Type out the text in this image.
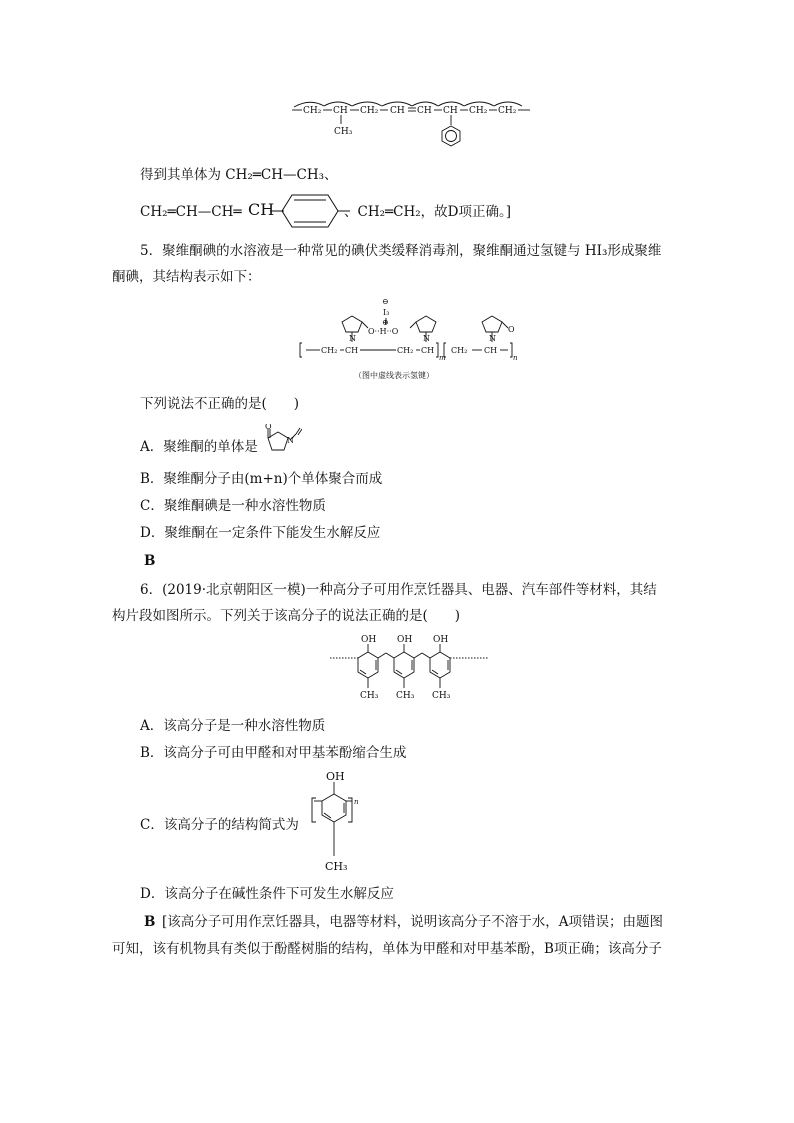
CH₂ CH CH₂ CH CH CH CH₂ CH₂
CH₃
得到其单体为 CH₂═CH—CH₃、
CH₂═CH—CH═ CH	、CH₂═CH₂，故D项正确。]
5．聚维酮碘的水溶液是一种常见的碘伏类缓释消毒剂，聚维酮通过氢键与 HI₃形成聚维
酮碘，其结构表示如下：
⊖
I₃
⊕
O··H··O	O
N	N	N
CH₂ CH	CH₂ CH
m
CH₂ CH
n
（图中虚线表示氢键）
下列说法不正确的是(　　)
A．聚维酮的单体是
O
N
B．聚维酮分子由(m+n)个单体聚合而成
C．聚维酮碘是一种水溶性物质
D．聚维酮在一定条件下能发生水解反应
B
6．(2019·北京朝阳区一模)一种高分子可用作烹饪器具、电器、汽车部件等材料，其结
构片段如图所示。下列关于该高分子的说法正确的是(　　)
OH OH OH
CH₃ CH₃ CH₃
A．该高分子是一种水溶性物质
B．该高分子可由甲醛和对甲基苯酚缩合生成
C．该高分子的结构简式为
OH
n
CH₃
D．该高分子在碱性条件下可发生水解反应
B [该高分子可用作烹饪器具，电器等材料，说明该高分子不溶于水，A项错误；由题图
可知，该有机物具有类似于酚醛树脂的结构，单体为甲醛和对甲基苯酚，B项正确；该高分子
